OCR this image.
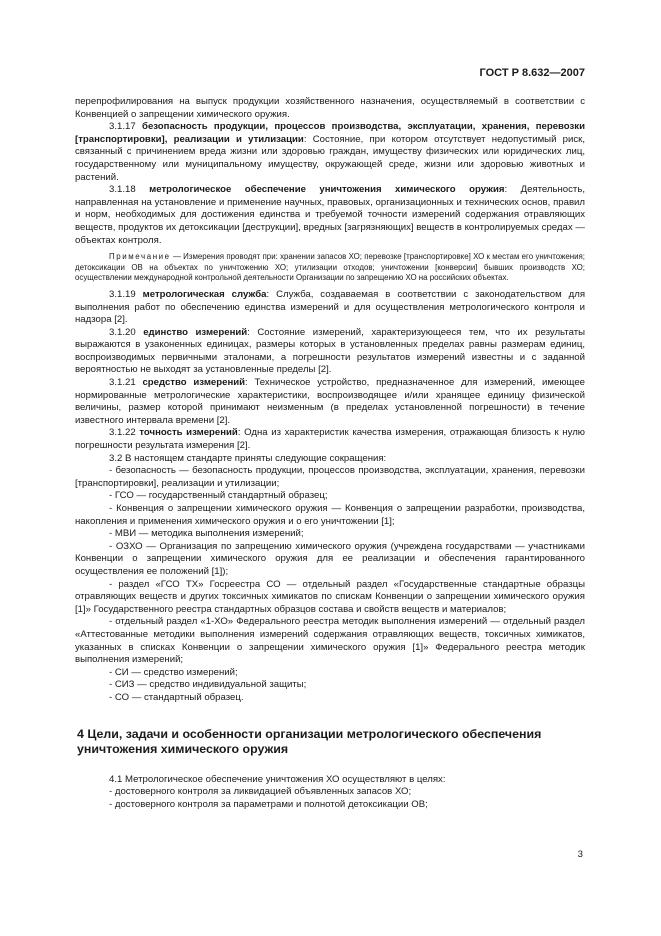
ГОСТ Р 8.632—2007

перепрофилирования на выпуск продукции хозяйственного назначения, осуществляемый в соответствии с Конвенцией о запрещении химического оружия.

3.1.17 безопасность продукции, процессов производства, эксплуатации, хранения, перевозки [транспортировки], реализации и утилизации: Состояние, при котором отсутствует недопустимый риск, связанный с причинением вреда жизни или здоровью граждан, имуществу физических или юридических лиц, государственному или муниципальному имуществу, окружающей среде, жизни или здоровью животных и растений.

3.1.18 метрологическое обеспечение уничтожения химического оружия: Деятельность, направленная на установление и применение научных, правовых, организационных и технических основ, правил и норм, необходимых для достижения единства и требуемой точности измерений содержания отравляющих веществ, продуктов их детоксикации [деструкции], вредных [загрязняющих] веществ в контролируемых средах — объектах контроля.

Примечание — Измерения проводят при: хранении запасов ХО; перевозке [транспортировке] ХО к местам его уничтожения; детоксикации ОВ на объектах по уничтожению ХО; утилизации отходов; уничтожении [конверсии] бывших производств ХО; осуществлении международной контрольной деятельности Организации по запрещению ХО на российских объектах.

3.1.19 метрологическая служба: Служба, создаваемая в соответствии с законодательством для выполнения работ по обеспечению единства измерений и для осуществления метрологического контроля и надзора [2].

3.1.20 единство измерений: Состояние измерений, характеризующееся тем, что их результаты выражаются в узаконенных единицах, размеры которых в установленных пределах равны размерам единиц, воспроизводимых первичными эталонами, а погрешности результатов измерений известны и с заданной вероятностью не выходят за установленные пределы [2].

3.1.21 средство измерений: Техническое устройство, предназначенное для измерений, имеющее нормированные метрологические характеристики, воспроизводящее и/или хранящее единицу физической величины, размер которой принимают неизменным (в пределах установленной погрешности) в течение известного интервала времени [2].

3.1.22 точность измерений: Одна из характеристик качества измерения, отражающая близость к нулю погрешности результата измерения [2].

3.2 В настоящем стандарте приняты следующие сокращения:

- безопасность — безопасность продукции, процессов производства, эксплуатации, хранения, перевозки [транспортировки], реализации и утилизации;

- ГСО — государственный стандартный образец;

- Конвенция о запрещении химического оружия — Конвенция о запрещении разработки, производства, накопления и применения химического оружия и о его уничтожении [1];

- МВИ — методика выполнения измерений;

- ОЗХО — Организация по запрещению химического оружия (учреждена государствами — участниками Конвенции о запрещении химического оружия для ее реализации и обеспечения гарантированного осуществления ее положений [1]);

- раздел «ГСО ТХ» Госреестра СО — отдельный раздел «Государственные стандартные образцы отравляющих веществ и других токсичных химикатов по спискам Конвенции о запрещении химического оружия [1]» Государственного реестра стандартных образцов состава и свойств веществ и материалов;

- отдельный раздел «1-ХО» Федерального реестра методик выполнения измерений — отдельный раздел «Аттестованные методики выполнения измерений содержания отравляющих веществ, токсичных химикатов, указанных в списках Конвенции о запрещении химического оружия [1]» Федерального реестра методик выполнения измерений;

- СИ — средство измерений;

- СИЗ — средство индивидуальной защиты;

- СО — стандартный образец.

4 Цели, задачи и особенности организации метрологического обеспечения уничтожения химического оружия

4.1 Метрологическое обеспечение уничтожения ХО осуществляют в целях:

- достоверного контроля за ликвидацией объявленных запасов ХО;

- достоверного контроля за параметрами и полнотой детоксикации ОВ;

3
